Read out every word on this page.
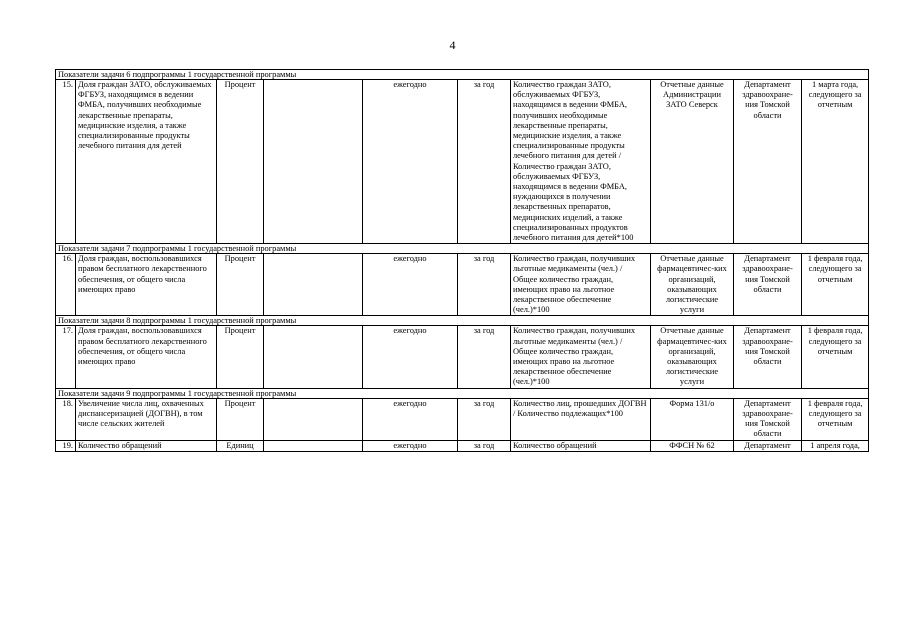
4
Показатели задачи 6 подпрограммы 1 государственной программы									
15.	Доля граждан ЗАТО, обслуживаемых ФГБУЗ, находящимся в ведении ФМБА, получивших необходимые лекарственные препараты, медицинские изделия, а также специализированные продукты лечебного питания для детей	Процент		ежегодно	за год	Количество граждан ЗАТО, обслуживаемых ФГБУЗ, находящимся в ведении ФМБА, получивших необходимые лекарственные препараты, медицинские изделия, а также специализированные продукты лечебного питания для детей / Количество граждан ЗАТО, обслуживаемых ФГБУЗ, находящимся в ведении ФМБА, нуждающихся в получении лекарственных препаратов, медицинских изделий, а также специализированных продуктов лечебного питания для детей*100	Отчетные данные Администрации ЗАТО Северск	Департамент здравоохране-ния Томской области	1 марта года, следующего за отчетным
Показатели задачи 7 подпрограммы 1 государственной программы									
16.	Доля граждан, воспользовавшихся правом бесплатного лекарственного обеспечения, от общего числа имеющих право	Процент		ежегодно	за год	Количество граждан, получивших льготные медикаменты (чел.) / Общее количество граждан, имеющих право на льготное лекарственное обеспечение (чел.)*100	Отчетные данные фармацевтичес-ких организаций, оказывающих логистические услуги	Департамент здравоохране-ния Томской области	1 февраля года, следующего за отчетным
Показатели задачи 8 подпрограммы 1 государственной программы									
17.	Доля граждан, воспользовавшихся правом бесплатного лекарственного обеспечения, от общего числа имеющих право	Процент		ежегодно	за год	Количество граждан, получивших льготные медикаменты (чел.) / Общее количество граждан, имеющих право на льготное лекарственное обеспечение (чел.)*100	Отчетные данные фармацевтичес-ких организаций, оказывающих логистические услуги	Департамент здравоохране-ния Томской области	1 февраля года, следующего за отчетным
Показатели задачи 9 подпрограммы 1 государственной программы									
18.	Увеличение числа лиц, охваченных диспансеризацией (ДОГВН), в том числе сельских жителей	Процент		ежегодно	за год	Количество лиц, прошедших ДОГВН / Количество подлежащих*100	Форма 131/о	Департамент здравоохране-ния Томской области	1 февраля года, следующего за отчетным
19.	Количество обращений	Единиц		ежегодно	за год	Количество обращений	ФФСН № 62	Департамент	1 апреля года,
